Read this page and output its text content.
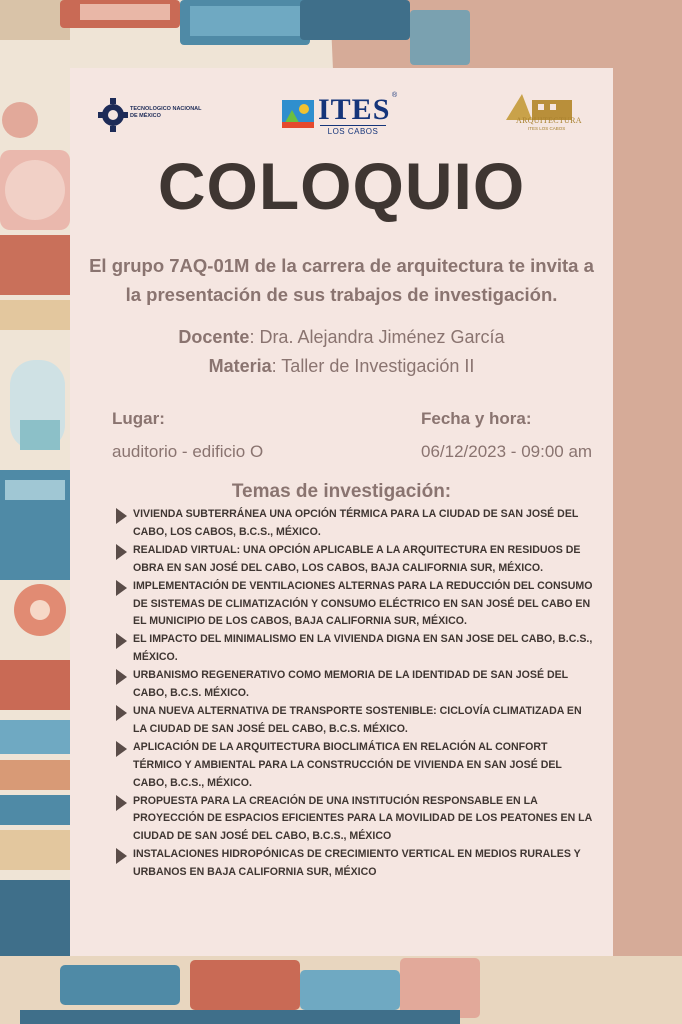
TECNOLOGICO NACIONAL DE MÉXICO	ITES ®
LOS CABOS
ARQUITECTURA
ITES LOS CABOS
COLOQUIO
El grupo 7AQ-01M de la carrera de arquitectura te invita a la presentación de sus trabajos de investigación.
Docente: Dra. Alejandra Jiménez García
Materia: Taller de Investigación II
Lugar:
auditorio - edificio O
Fecha y hora:
06/12/2023 - 09:00 am
Temas de investigación:
VIVIENDA SUBTERRÁNEA UNA OPCIÓN TÉRMICA PARA LA CIUDAD DE SAN JOSÉ DEL CABO, LOS CABOS, B.C.S., MÉXICO.
REALIDAD VIRTUAL: UNA OPCIÓN APLICABLE A LA ARQUITECTURA EN RESIDUOS DE OBRA EN SAN JOSÉ DEL CABO, LOS CABOS, BAJA CALIFORNIA SUR, MÉXICO.
IMPLEMENTACIÓN DE VENTILACIONES ALTERNAS PARA LA REDUCCIÓN DEL CONSUMO DE SISTEMAS DE CLIMATIZACIÓN Y CONSUMO ELÉCTRICO EN SAN JOSÉ DEL CABO EN EL MUNICIPIO DE LOS CABOS, BAJA CALIFORNIA SUR, MÉXICO.
EL IMPACTO DEL MINIMALISMO EN LA VIVIENDA DIGNA EN SAN JOSE DEL CABO, B.C.S., MÉXICO.
URBANISMO REGENERATIVO COMO MEMORIA DE LA IDENTIDAD DE SAN JOSÉ DEL CABO, B.C.S. MÉXICO.
UNA NUEVA ALTERNATIVA DE TRANSPORTE SOSTENIBLE: CICLOVÍA CLIMATIZADA EN LA CIUDAD DE SAN JOSÉ DEL CABO, B.C.S. MÉXICO.
APLICACIÓN DE LA ARQUITECTURA BIOCLIMÁTICA EN RELACIÓN AL CONFORT TÉRMICO Y AMBIENTAL PARA LA CONSTRUCCIÓN DE VIVIENDA EN SAN JOSÉ DEL CABO, B.C.S., MÉXICO.
PROPUESTA PARA LA CREACIÓN DE UNA INSTITUCIÓN RESPONSABLE EN LA PROYECCIÓN DE ESPACIOS EFICIENTES PARA LA MOVILIDAD DE LOS PEATONES EN LA CIUDAD DE SAN JOSÉ DEL CABO, B.C.S., MÉXICO
INSTALACIONES HIDROPÓNICAS DE CRECIMIENTO VERTICAL EN MEDIOS RURALES Y URBANOS EN BAJA CALIFORNIA SUR, MÉXICO
